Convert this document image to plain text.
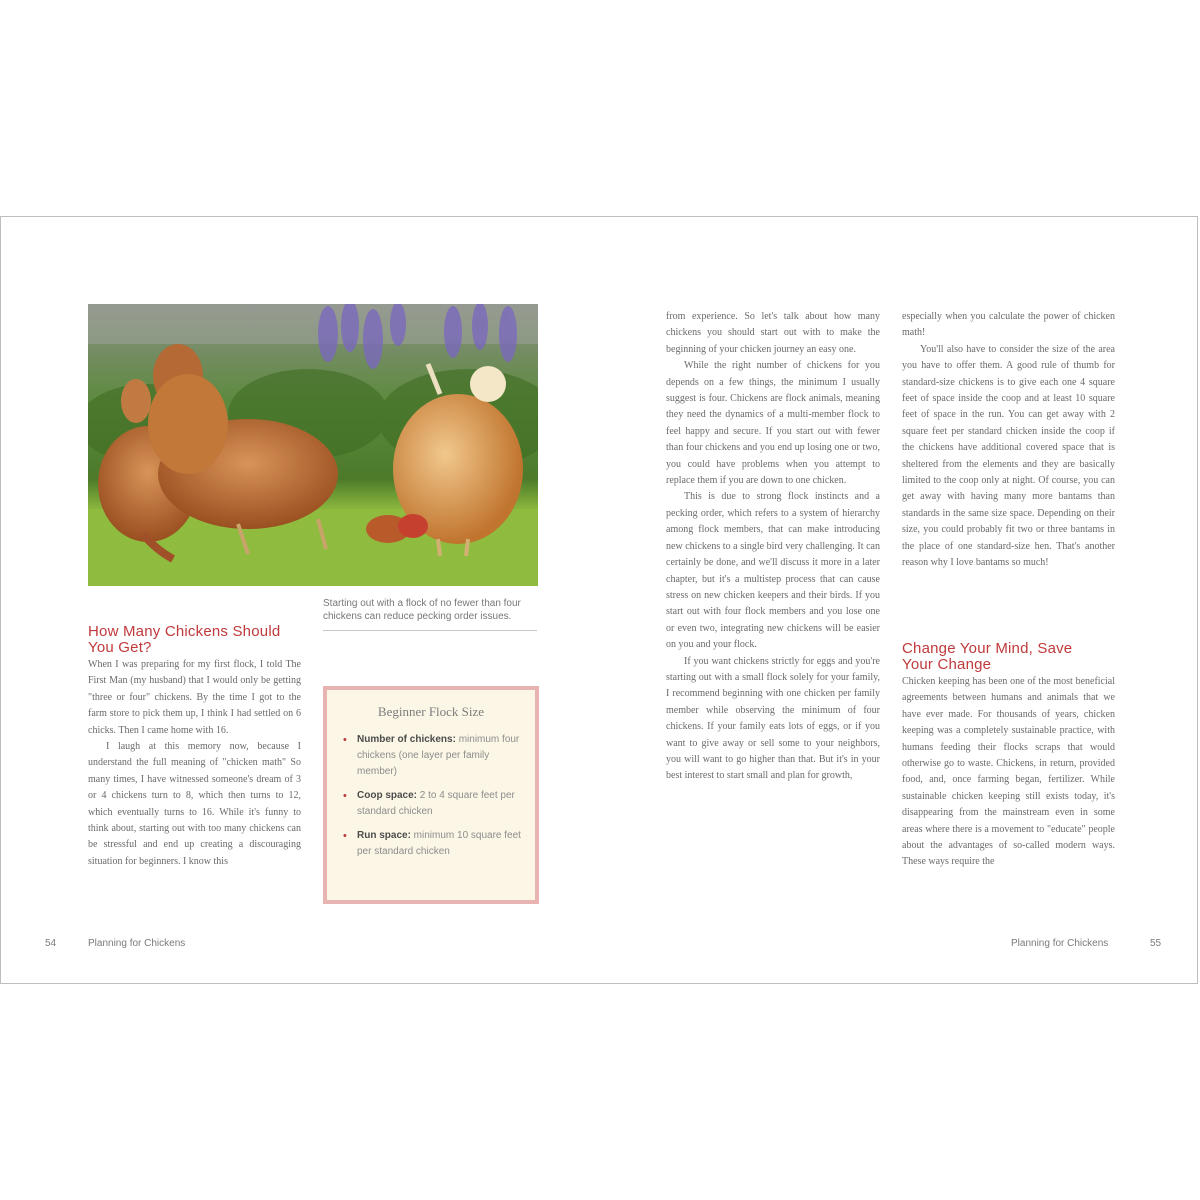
Starting out with a flock of no fewer than four chickens can reduce pecking order issues.
How Many Chickens Should You Get?

When I was preparing for my first flock, I told The First Man (my husband) that I would only be getting "three or four" chickens. By the time I got to the farm store to pick them up, I think I had settled on 6 chicks. Then I came home with 16.

I laugh at this memory now, because I understand the full meaning of "chicken math" So many times, I have witnessed someone's dream of 3 or 4 chickens turn to 8, which then turns to 12, which eventually turns to 16. While it's funny to think about, starting out with too many chickens can be stressful and end up creating a discouraging situation for beginners. I know this

Beginner Flock Size
• Number of chickens: minimum four chickens (one layer per family member)
• Coop space: 2 to 4 square feet per standard chicken
• Run space: minimum 10 square feet per standard chicken
54	Planning for Chickens

from experience. So let's talk about how many chickens you should start out with to make the beginning of your chicken journey an easy one.

While the right number of chickens for you depends on a few things, the minimum I usually suggest is four. Chickens are flock animals, meaning they need the dynamics of a multi-member flock to feel happy and secure. If you start out with fewer than four chickens and you end up losing one or two, you could have problems when you attempt to replace them if you are down to one chicken.

This is due to strong flock instincts and a pecking order, which refers to a system of hierarchy among flock members, that can make introducing new chickens to a single bird very challenging. It can certainly be done, and we'll discuss it more in a later chapter, but it's a multistep process that can cause stress on new chicken keepers and their birds. If you start out with four flock members and you lose one or even two, integrating new chickens will be easier on you and your flock.

If you want chickens strictly for eggs and you're starting out with a small flock solely for your family, I recommend beginning with one chicken per family member while observing the minimum of four chickens. If your family eats lots of eggs, or if you want to give away or sell some to your neighbors, you will want to go higher than that. But it's in your best interest to start small and plan for growth,

especially when you calculate the power of chicken math!

You'll also have to consider the size of the area you have to offer them. A good rule of thumb for standard-size chickens is to give each one 4 square feet of space inside the coop and at least 10 square feet of space in the run. You can get away with 2 square feet per standard chicken inside the coop if the chickens have additional covered space that is sheltered from the elements and they are basically limited to the coop only at night. Of course, you can get away with having many more bantams than standards in the same size space. Depending on their size, you could probably fit two or three bantams in the place of one standard-size hen. That's another reason why I love bantams so much!

Change Your Mind, Save Your Change

Chicken keeping has been one of the most beneficial agreements between humans and animals that we have ever made. For thousands of years, chicken keeping was a completely sustainable practice, with humans feeding their flocks scraps that would otherwise go to waste. Chickens, in return, provided food, and, once farming began, fertilizer. While sustainable chicken keeping still exists today, it's disappearing from the mainstream even in some areas where there is a movement to "educate" people about the advantages of so-called modern ways. These ways require the

Planning for Chickens	55
